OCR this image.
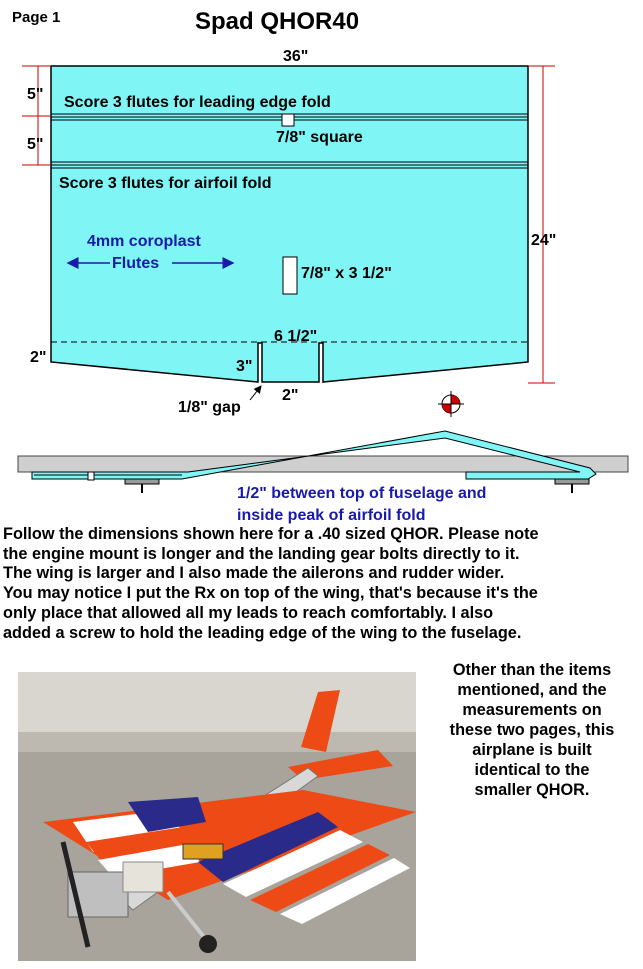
Page 1	Spad QHOR40
36"
5"
5"
24"
2"
Score 3 flutes for leading edge fold
7/8" square
Score 3 flutes for airfoil fold
4mm coroplast
Flutes
7/8" x 3 1/2"
6 1/2"
3"
2"
1/8" gap
1/2" between top of fuselage and
inside peak of airfoil fold
Follow the dimensions shown here for a .40 sized QHOR. Please note
the engine mount is longer and the landing gear bolts directly to it.
The wing is larger and I also made the ailerons and rudder wider.
You may notice I put the Rx on top of the wing, that's because it's the
only place that allowed all my leads to reach comfortably. I also
added a screw to hold the leading edge of the wing to the fuselage.
Other than the items
mentioned, and the
measurements on
these two pages, this
airplane is built
identical to the
smaller QHOR.
